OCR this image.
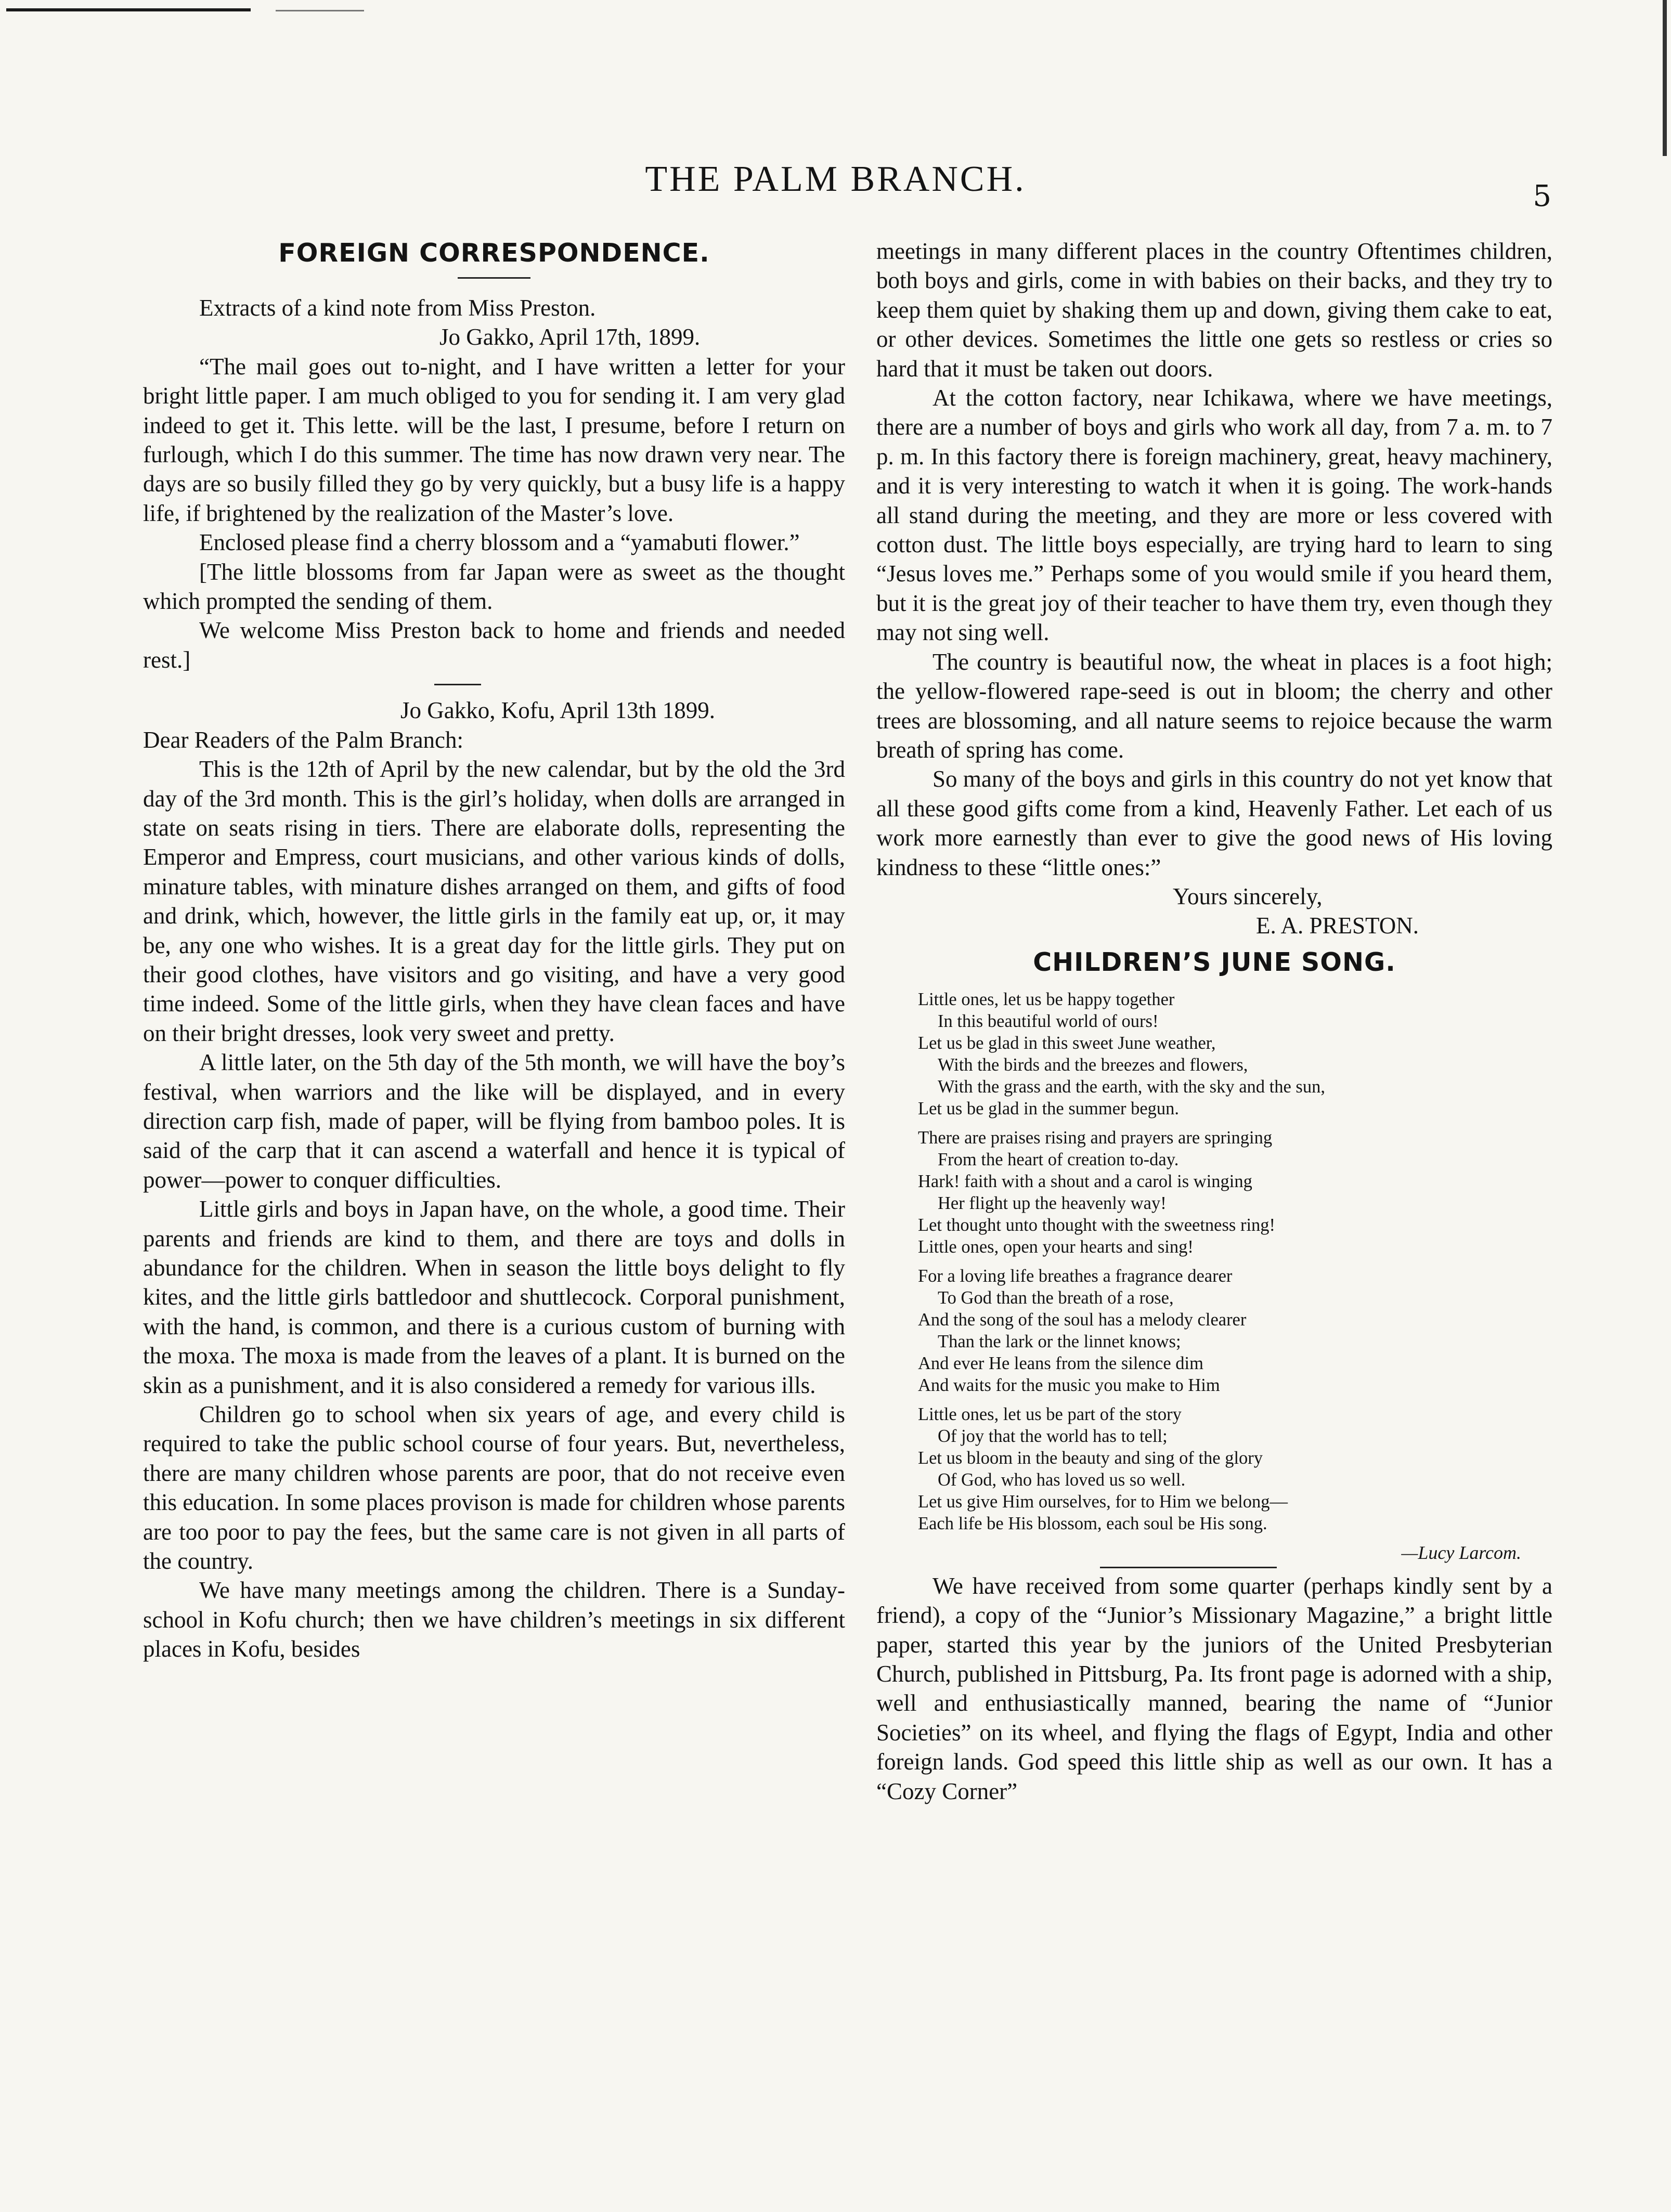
THE PALM BRANCH.	5
FOREIGN CORRESPONDENCE.

Extracts of a kind note from Miss Preston.

Jo Gakko, April 17th, 1899.

“The mail goes out to-night, and I have written a letter for your bright little paper. I am much obliged to you for sending it. I am very glad indeed to get it. This lette. will be the last, I presume, before I return on furlough, which I do this summer. The time has now drawn very near. The days are so busily filled they go by very quickly, but a busy life is a happy life, if brightened by the realization of the Master’s love.

Enclosed please find a cherry blossom and a “yamabuti flower.”

[The little blossoms from far Japan were as sweet as the thought which prompted the sending of them.

We welcome Miss Preston back to home and friends and needed rest.]

Jo Gakko, Kofu, April 13th 1899.

Dear Readers of the Palm Branch:

This is the 12th of April by the new calendar, but by the old the 3rd day of the 3rd month. This is the girl’s holiday, when dolls are arranged in state on seats rising in tiers. There are elaborate dolls, representing the Emperor and Empress, court musicians, and other various kinds of dolls, minature tables, with minature dishes arranged on them, and gifts of food and drink, which, however, the little girls in the family eat up, or, it may be, any one who wishes. It is a great day for the little girls. They put on their good clothes, have visitors and go visiting, and have a very good time indeed. Some of the little girls, when they have clean faces and have on their bright dresses, look very sweet and pretty.

A little later, on the 5th day of the 5th month, we will have the boy’s festival, when warriors and the like will be displayed, and in every direction carp fish, made of paper, will be flying from bamboo poles. It is said of the carp that it can ascend a waterfall and hence it is typical of power—power to conquer difficulties.

Little girls and boys in Japan have, on the whole, a good time. Their parents and friends are kind to them, and there are toys and dolls in abundance for the children. When in season the little boys delight to fly kites, and the little girls battledoor and shuttlecock. Corporal punishment, with the hand, is common, and there is a curious custom of burning with the moxa. The moxa is made from the leaves of a plant. It is burned on the skin as a punishment, and it is also considered a remedy for various ills.

Children go to school when six years of age, and every child is required to take the public school course of four years. But, nevertheless, there are many children whose parents are poor, that do not receive even this education. In some places provison is made for children whose parents are too poor to pay the fees, but the same care is not given in all parts of the country.

We have many meetings among the children. There is a Sunday-school in Kofu church; then we have children’s meetings in six different places in Kofu, besides

meetings in many different places in the country Oftentimes children, both boys and girls, come in with babies on their backs, and they try to keep them quiet by shaking them up and down, giving them cake to eat, or other devices. Sometimes the little one gets so restless or cries so hard that it must be taken out doors.

At the cotton factory, near Ichikawa, where we have meetings, there are a number of boys and girls who work all day, from 7 a. m. to 7 p. m. In this factory there is foreign machinery, great, heavy machinery, and it is very interesting to watch it when it is going. The work-hands all stand during the meeting, and they are more or less covered with cotton dust. The little boys especially, are trying hard to learn to sing “Jesus loves me.” Perhaps some of you would smile if you heard them, but it is the great joy of their teacher to have them try, even though they may not sing well.

The country is beautiful now, the wheat in places is a foot high; the yellow-flowered rape-seed is out in bloom; the cherry and other trees are blossoming, and all nature seems to rejoice because the warm breath of spring has come.

So many of the boys and girls in this country do not yet know that all these good gifts come from a kind, Heavenly Father. Let each of us work more earnestly than ever to give the good news of His loving kindness to these “little ones:”

Yours sincerely,

E. A. PRESTON.

CHILDREN’S JUNE SONG.
Little ones, let us be happy together
In this beautiful world of ours!
Let us be glad in this sweet June weather,
With the birds and the breezes and flowers,
With the grass and the earth, with the sky and the sun,
Let us be glad in the summer begun.
There are praises rising and prayers are springing
From the heart of creation to-day.
Hark! faith with a shout and a carol is winging
Her flight up the heavenly way!
Let thought unto thought with the sweetness ring!
Little ones, open your hearts and sing!
For a loving life breathes a fragrance dearer
To God than the breath of a rose,
And the song of the soul has a melody clearer
Than the lark or the linnet knows;
And ever He leans from the silence dim
And waits for the music you make to Him
Little ones, let us be part of the story
Of joy that the world has to tell;
Let us bloom in the beauty and sing of the glory
Of God, who has loved us so well.
Let us give Him ourselves, for to Him we belong—
Each life be His blossom, each soul be His song.
—Lucy Larcom.

We have received from some quarter (perhaps kindly sent by a friend), a copy of the “Junior’s Missionary Magazine,” a bright little paper, started this year by the juniors of the United Presbyterian Church, published in Pittsburg, Pa. Its front page is adorned with a ship, well and enthusiastically manned, bearing the name of “Junior Societies” on its wheel, and flying the flags of Egypt, India and other foreign lands. God speed this little ship as well as our own. It has a “Cozy Corner”
